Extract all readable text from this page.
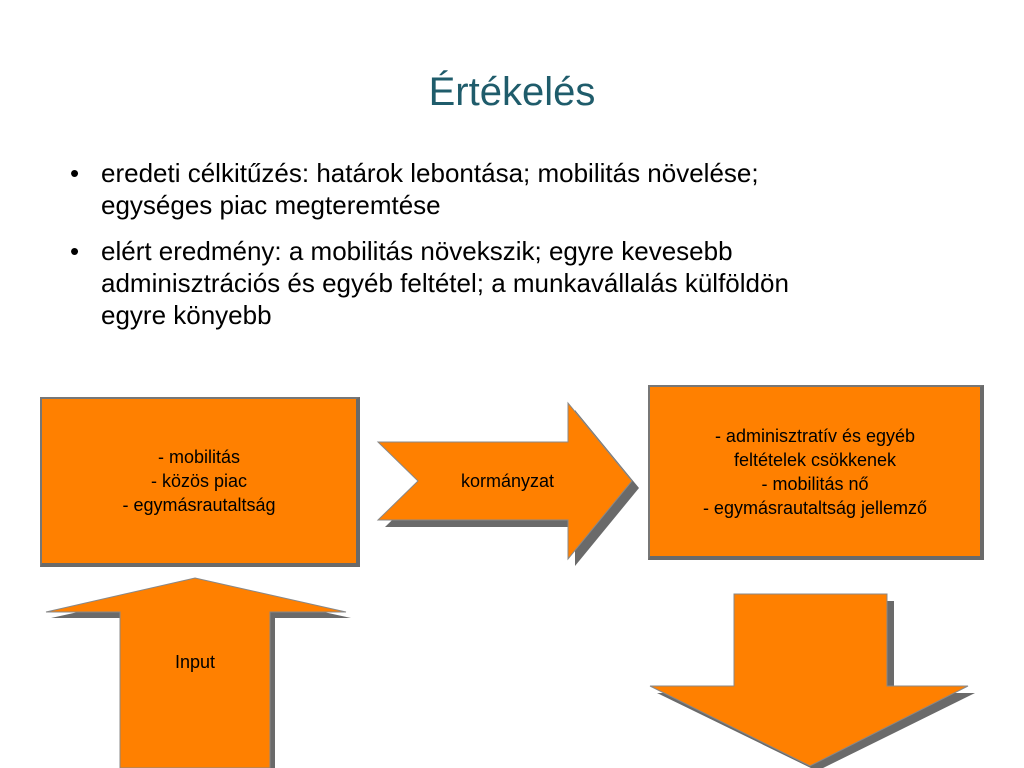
Értékelés
• eredeti célkitűzés: határok lebontása; mobilitás növelése;
egységes piac megteremtése
• elért eredmény: a mobilitás növekszik; egyre kevesebb
adminisztrációs és egyéb feltétel; a munkavállalás külföldön
egyre könyebb
- mobilitás
- közös piac
- egymásrautaltság
- adminisztratív és egyéb
feltételek csökkenek
- mobilitás nő
- egymásrautaltság jellemző
kormányzat
Input
